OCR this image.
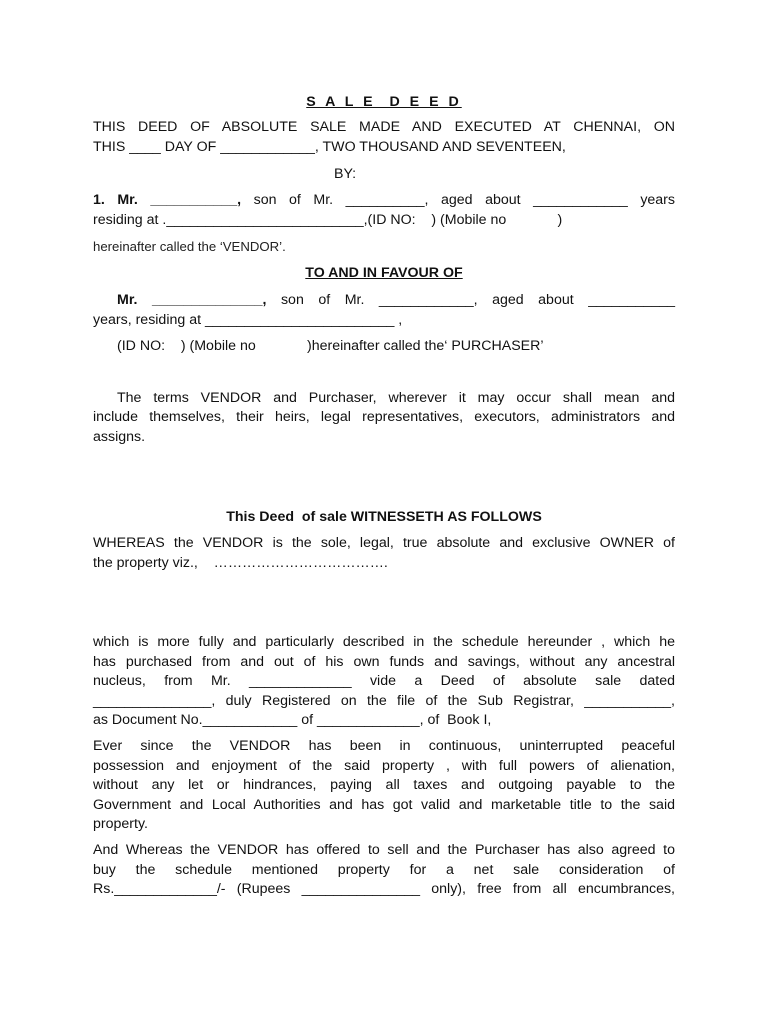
S A L E  D E E D
THIS DEED OF ABSOLUTE SALE MADE AND EXECUTED AT CHENNAI, ON
THIS ____ DAY OF ____________, TWO THOUSAND AND SEVENTEEN,
BY:
1. Mr. ___________, son of Mr. __________, aged about ____________ years
residing at ._________________________,(ID NO:    ) (Mobile no             )
hereinafter called the ‘VENDOR’.
TO AND IN FAVOUR OF
Mr. ______________, son of Mr. ____________, aged about ___________
years, residing at ________________________ ,
(ID NO:    ) (Mobile no             )hereinafter called the‘ PURCHASER’
The terms VENDOR and Purchaser, wherever it may occur shall mean and
include themselves, their heirs, legal representatives, executors, administrators and
assigns.
This Deed  of sale WITNESSETH AS FOLLOWS
WHEREAS the VENDOR is the sole, legal, true absolute and exclusive OWNER of
the property viz.,    ……………………………….
which is more fully and particularly described in the schedule hereunder , which he
has purchased from and out of his own funds and savings, without any ancestral
nucleus, from Mr. _____________ vide a Deed of absolute sale dated
_______________, duly Registered on the file of the Sub Registrar, ___________,
as Document No.____________ of _____________, of  Book I,
Ever since the VENDOR has been in continuous, uninterrupted peaceful
possession and enjoyment of the said property , with full powers of alienation,
without any let or hindrances, paying all taxes and outgoing payable to the
Government and Local Authorities and has got valid and marketable title to the said
property.
And Whereas the VENDOR has offered to sell and the Purchaser has also agreed to
buy the schedule mentioned property for a net sale consideration of
Rs._____________/- (Rupees _______________ only), free from all encumbrances,
